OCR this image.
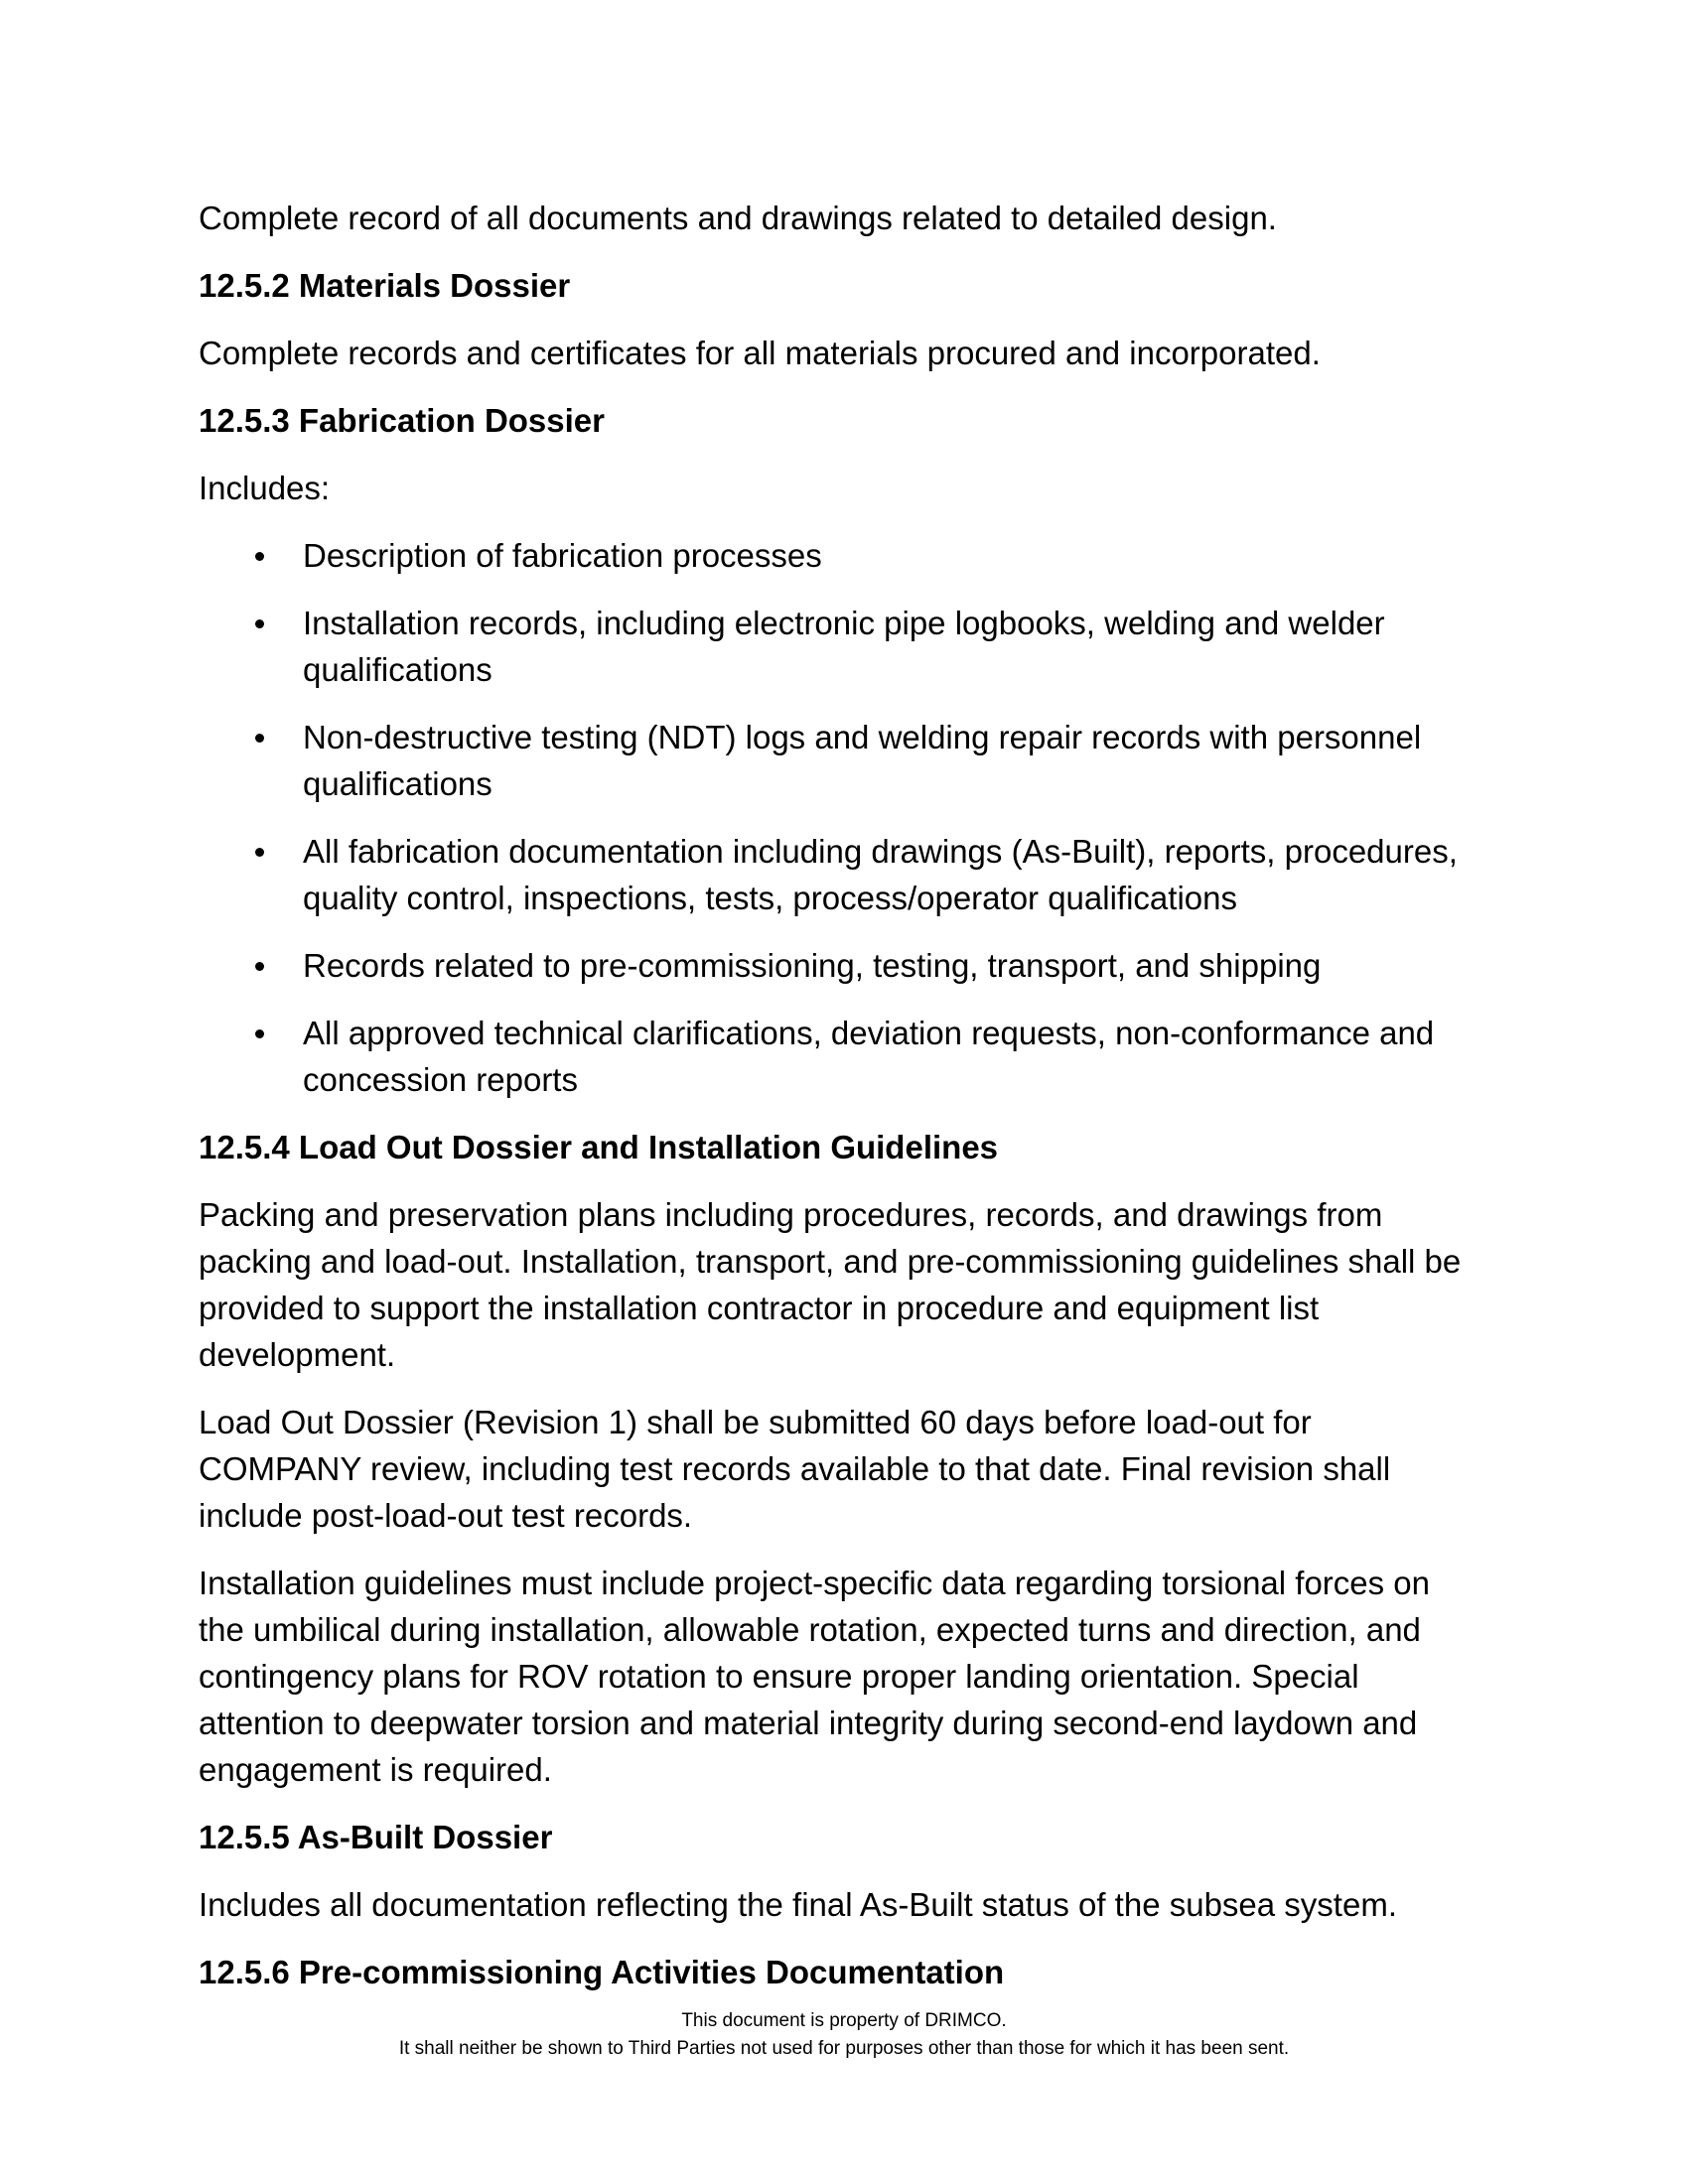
Complete record of all documents and drawings related to detailed design.

12.5.2 Materials Dossier

Complete records and certificates for all materials procured and incorporated.

12.5.3 Fabrication Dossier

Includes:

Description of fabrication processes
Installation records, including electronic pipe logbooks, welding and welder qualifications
Non-destructive testing (NDT) logs and welding repair records with personnel qualifications
All fabrication documentation including drawings (As-Built), reports, procedures, quality control, inspections, tests, process/operator qualifications
Records related to pre-commissioning, testing, transport, and shipping
All approved technical clarifications, deviation requests, non-conformance and concession reports
12.5.4 Load Out Dossier and Installation Guidelines

Packing and preservation plans including procedures, records, and drawings from packing and load-out. Installation, transport, and pre-commissioning guidelines shall be provided to support the installation contractor in procedure and equipment list development.

Load Out Dossier (Revision 1) shall be submitted 60 days before load-out for COMPANY review, including test records available to that date. Final revision shall include post-load-out test records.

Installation guidelines must include project-specific data regarding torsional forces on the umbilical during installation, allowable rotation, expected turns and direction, and contingency plans for ROV rotation to ensure proper landing orientation. Special attention to deepwater torsion and material integrity during second-end laydown and engagement is required.

12.5.5 As-Built Dossier

Includes all documentation reflecting the final As-Built status of the subsea system.

12.5.6 Pre-commissioning Activities Documentation
This document is property of DRIMCO.
It shall neither be shown to Third Parties not used for purposes other than those for which it has been sent.
